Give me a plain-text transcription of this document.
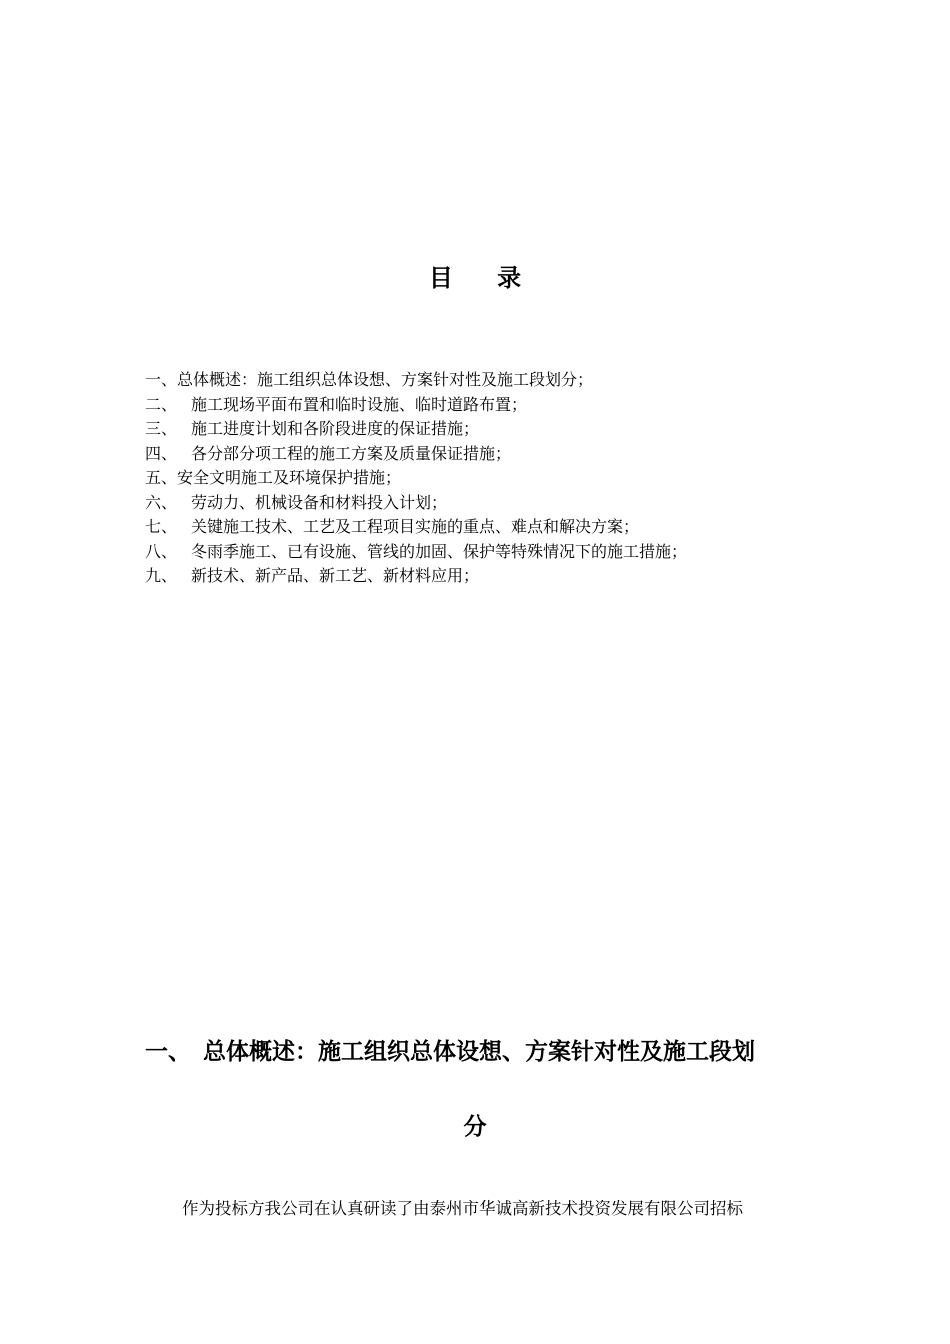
目 录
一、总体概述：施工组织总体设想、方案针对性及施工段划分；
二、 施工现场平面布置和临时设施、临时道路布置；
三、 施工进度计划和各阶段进度的保证措施；
四、 各分部分项工程的施工方案及质量保证措施；
五、安全文明施工及环境保护措施；
六、 劳动力、机械设备和材料投入计划；
七、 关键施工技术、工艺及工程项目实施的重点、难点和解决方案；
八、 冬雨季施工、已有设施、管线的加固、保护等特殊情况下的施工措施；
九、 新技术、新产品、新工艺、新材料应用；
一、 总体概述：施工组织总体设想、方案针对性及施工段划
分
作为投标方我公司在认真研读了由泰州市华诚高新技术投资发展有限公司招标
